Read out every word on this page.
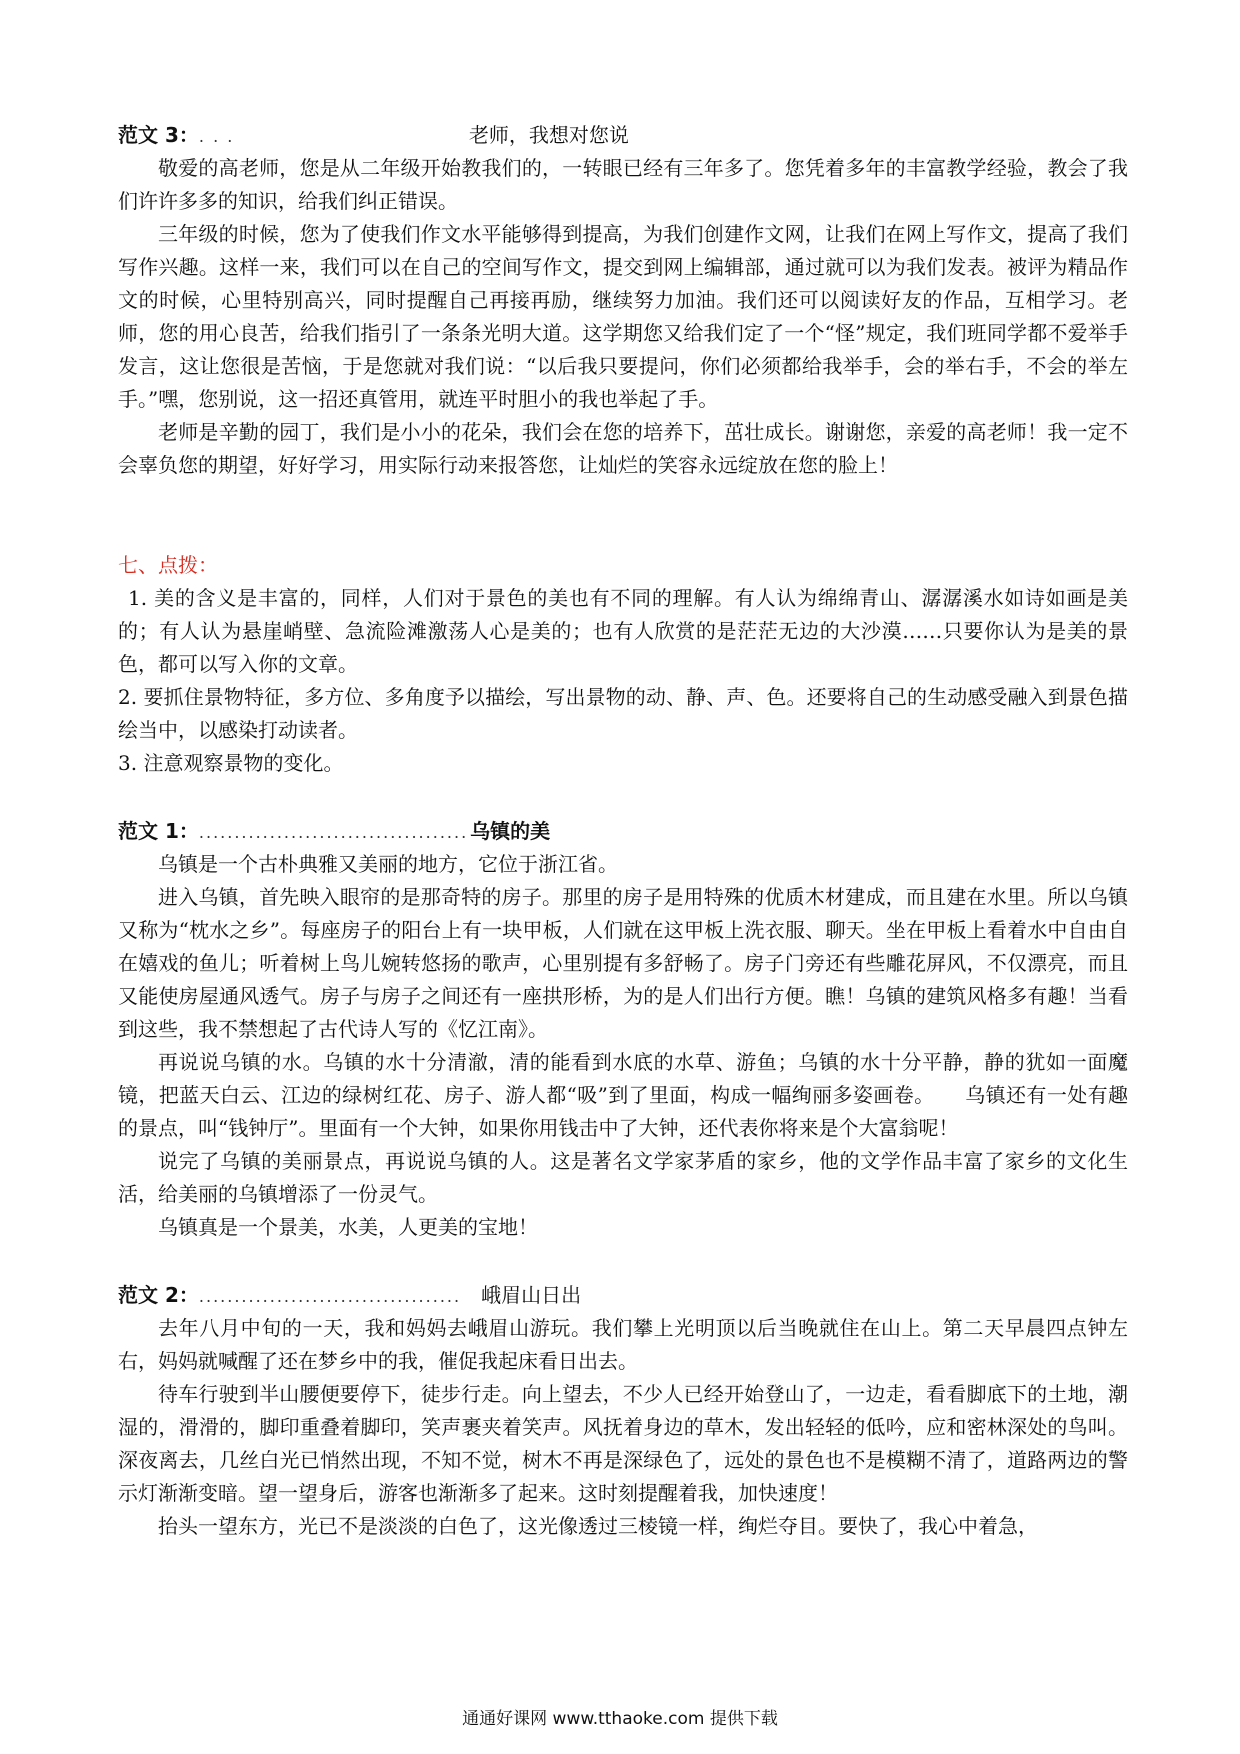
范文 3： . . .	老师，我想对您说

敬爱的高老师，您是从二年级开始教我们的，一转眼已经有三年多了。您凭着多年的丰富教学经验，教会了我们许许多多的知识，给我们纠正错误。

三年级的时候，您为了使我们作文水平能够得到提高，为我们创建作文网，让我们在网上写作文，提高了我们写作兴趣。这样一来，我们可以在自己的空间写作文，提交到网上编辑部，通过就可以为我们发表。被评为精品作文的时候，心里特别高兴，同时提醒自己再接再励，继续努力加油。我们还可以阅读好友的作品，互相学习。老师，您的用心良苦，给我们指引了一条条光明大道。这学期您又给我们定了一个“怪”规定，我们班同学都不爱举手发言，这让您很是苦恼，于是您就对我们说：“以后我只要提问，你们必须都给我举手，会的举右手，不会的举左手。”嘿，您别说，这一招还真管用，就连平时胆小的我也举起了手。

老师是辛勤的园丁，我们是小小的花朵，我们会在您的培养下，茁壮成长。谢谢您，亲爱的高老师！我一定不会辜负您的期望，好好学习，用实际行动来报答您，让灿烂的笑容永远绽放在您的脸上！

七、点拨：

1. 美的含义是丰富的，同样，人们对于景色的美也有不同的理解。有人认为绵绵青山、潺潺溪水如诗如画是美的；有人认为悬崖峭壁、急流险滩激荡人心是美的；也有人欣赏的是茫茫无边的大沙漠……只要你认为是美的景色，都可以写入你的文章。

2. 要抓住景物特征，多方位、多角度予以描绘，写出景物的动、静、声、色。还要将自己的生动感受融入到景色描绘当中，以感染打动读者。

3. 注意观察景物的变化。

范文 1： ...................................... 乌镇的美

乌镇是一个古朴典雅又美丽的地方，它位于浙江省。

进入乌镇，首先映入眼帘的是那奇特的房子。那里的房子是用特殊的优质木材建成，而且建在水里。所以乌镇又称为“枕水之乡”。每座房子的阳台上有一块甲板，人们就在这甲板上洗衣服、聊天。坐在甲板上看着水中自由自在嬉戏的鱼儿；听着树上鸟儿婉转悠扬的歌声，心里别提有多舒畅了。房子门旁还有些雕花屏风，不仅漂亮，而且又能使房屋通风透气。房子与房子之间还有一座拱形桥，为的是人们出行方便。瞧！乌镇的建筑风格多有趣！当看到这些，我不禁想起了古代诗人写的《忆江南》。

再说说乌镇的水。乌镇的水十分清澈，清的能看到水底的水草、游鱼；乌镇的水十分平静，静的犹如一面魔镜，把蓝天白云、江边的绿树红花、房子、游人都“吸”到了里面，构成一幅绚丽多姿画卷。　　乌镇还有一处有趣的景点，叫“钱钟厅”。里面有一个大钟，如果你用钱击中了大钟，还代表你将来是个大富翁呢！

说完了乌镇的美丽景点，再说说乌镇的人。这是著名文学家茅盾的家乡，他的文学作品丰富了家乡的文化生活，给美丽的乌镇增添了一份灵气。

乌镇真是一个景美，水美，人更美的宝地！

范文 2： ..................................... 峨眉山日出

去年八月中旬的一天，我和妈妈去峨眉山游玩。我们攀上光明顶以后当晚就住在山上。第二天早晨四点钟左右，妈妈就喊醒了还在梦乡中的我，催促我起床看日出去。

待车行驶到半山腰便要停下，徒步行走。向上望去，不少人已经开始登山了，一边走，看看脚底下的土地，潮湿的，滑滑的，脚印重叠着脚印，笑声裹夹着笑声。风抚着身边的草木，发出轻轻的低吟，应和密林深处的鸟叫。深夜离去，几丝白光已悄然出现，不知不觉，树木不再是深绿色了，远处的景色也不是模糊不清了，道路两边的警示灯渐渐变暗。望一望身后，游客也渐渐多了起来。这时刻提醒着我，加快速度！

抬头一望东方，光已不是淡淡的白色了，这光像透过三棱镜一样，绚烂夺目。要快了，我心中着急，

通通好课网 www.tthaoke.com 提供下载
